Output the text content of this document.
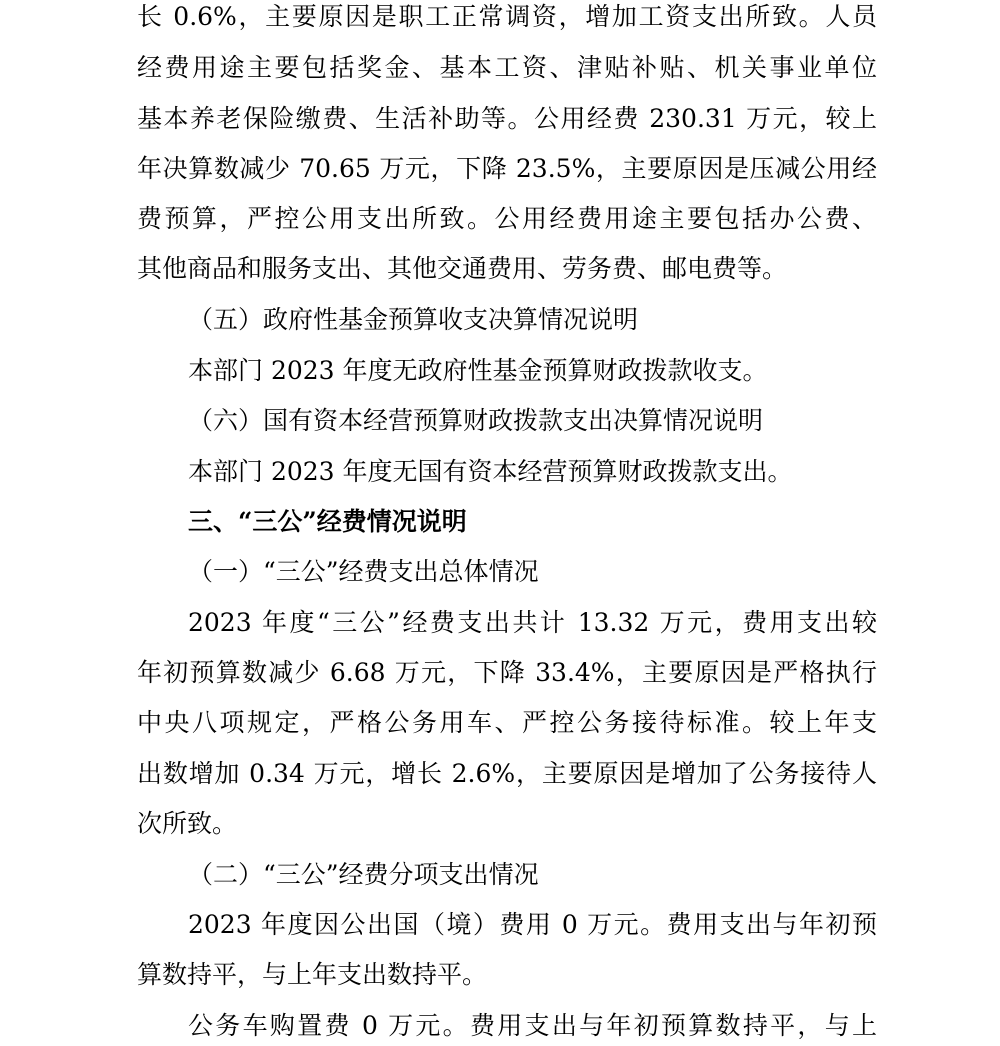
长 0.6%，主要原因是职工正常调资，增加工资支出所致。人员
经费用途主要包括奖金、基本工资、津贴补贴、机关事业单位
基本养老保险缴费、生活补助等。公用经费 230.31 万元，较上
年决算数减少 70.65 万元，下降 23.5%，主要原因是压减公用经
费预算，严控公用支出所致。公用经费用途主要包括办公费、
其他商品和服务支出、其他交通费用、劳务费、邮电费等。
（五）政府性基金预算收支决算情况说明
本部门 2023 年度无政府性基金预算财政拨款收支。
（六）国有资本经营预算财政拨款支出决算情况说明
本部门 2023 年度无国有资本经营预算财政拨款支出。
三、“三公”经费情况说明
（一）“三公”经费支出总体情况
2023 年度“三公”经费支出共计 13.32 万元，费用支出较
年初预算数减少 6.68 万元，下降 33.4%，主要原因是严格执行
中央八项规定，严格公务用车、严控公务接待标准。较上年支
出数增加 0.34 万元，增长 2.6%，主要原因是增加了公务接待人
次所致。
（二）“三公”经费分项支出情况
2023 年度因公出国（境）费用 0 万元。费用支出与年初预
算数持平，与上年支出数持平。
公务车购置费 0 万元。费用支出与年初预算数持平，与上
